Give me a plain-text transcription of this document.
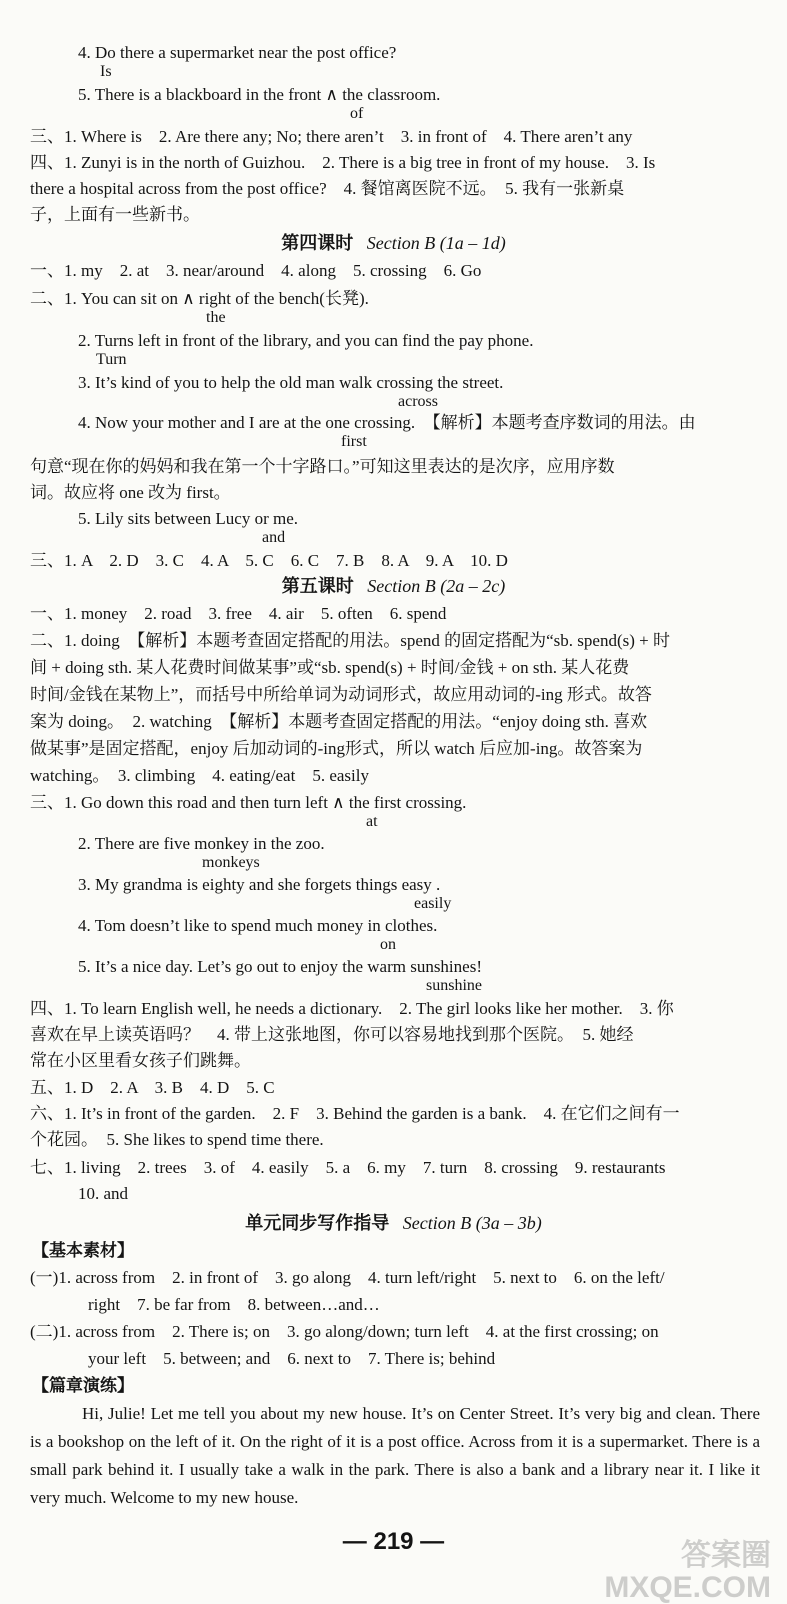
4. Do there a supermarket near the post office?
Is
5. There is a blackboard in the front ∧ the classroom.
of
三、1. Where is　2. Are there any; No; there aren’t　3. in front of　4. There aren’t any
四、1. Zunyi is in the north of Guizhou.　2. There is a big tree in front of my house.　3. Is
there a hospital across from the post office?　4. 餐馆离医院不远。　5. 我有一张新桌
子，上面有一些新书。
第四课时 Section B (1a – 1d)
一、1. my　2. at　3. near/around　4. along　5. crossing　6. Go
二、1. You can sit on ∧ right of the bench(长凳).
the
2. Turns left in front of the library, and you can find the pay phone.
Turn
3. It’s kind of you to help the old man walk crossing the street.
across
4. Now your mother and I are at the one crossing.　【解析】本题考查序数词的用法。由
first
句意“现在你的妈妈和我在第一个十字路口。”可知这里表达的是次序，应用序数
词。故应将 one 改为 first。
5. Lily sits between Lucy or me.
and
三、1. A　2. D　3. C　4. A　5. C　6. C　7. B　8. A　9. A　10. D
第五课时 Section B (2a – 2c)
一、1. money　2. road　3. free　4. air　5. often　6. spend
二、1. doing　【解析】本题考查固定搭配的用法。spend 的固定搭配为“sb. spend(s) + 时
间 + doing sth. 某人花费时间做某事”或“sb. spend(s) + 时间/金钱 + on sth. 某人花费
时间/金钱在某物上”，而括号中所给单词为动词形式，故应用动词的-ing 形式。故答
案为 doing。　2. watching　【解析】本题考查固定搭配的用法。“enjoy doing sth. 喜欢
做某事”是固定搭配，enjoy 后加动词的-ing形式，所以 watch 后应加-ing。故答案为
watching。　3. climbing　4. eating/eat　5. easily
三、1. Go down this road and then turn left ∧ the first crossing.
at
2. There are five monkey in the zoo.
monkeys
3. My grandma is eighty and she forgets things easy .
easily
4. Tom doesn’t like to spend much money in clothes.
on
5. It’s a nice day. Let’s go out to enjoy the warm sunshines!
sunshine
四、1. To learn English well, he needs a dictionary.　2. The girl looks like her mother.　3. 你
喜欢在早上读英语吗？　4. 带上这张地图，你可以容易地找到那个医院。　5. 她经
常在小区里看女孩子们跳舞。
五、1. D　2. A　3. B　4. D　5. C
六、1. It’s in front of the garden.　2. F　3. Behind the garden is a bank.　4. 在它们之间有一
个花园。　5. She likes to spend time there.
七、1. living　2. trees　3. of　4. easily　5. a　6. my　7. turn　8. crossing　9. restaurants
10. and
单元同步写作指导 Section B (3a – 3b)
【基本素材】
(一)1. across from　2. in front of　3. go along　4. turn left/right　5. next to　6. on the left/
right　7. be far from　8. between…and…
(二)1. across from　2. There is; on　3. go along/down; turn left　4. at the first crossing; on
your left　5. between; and　6. next to　7. There is; behind
【篇章演练】
Hi, Julie! Let me tell you about my new house. It’s on Center Street. It’s very big and clean. There is a bookshop on the left of it. On the right of it is a post office. Across from it is a supermarket. There is a small park behind it. I usually take a walk in the park. There is also a bank and a library near it. I like it very much. Welcome to my new house.
— 219 —	答案圈
MXQE.COM
